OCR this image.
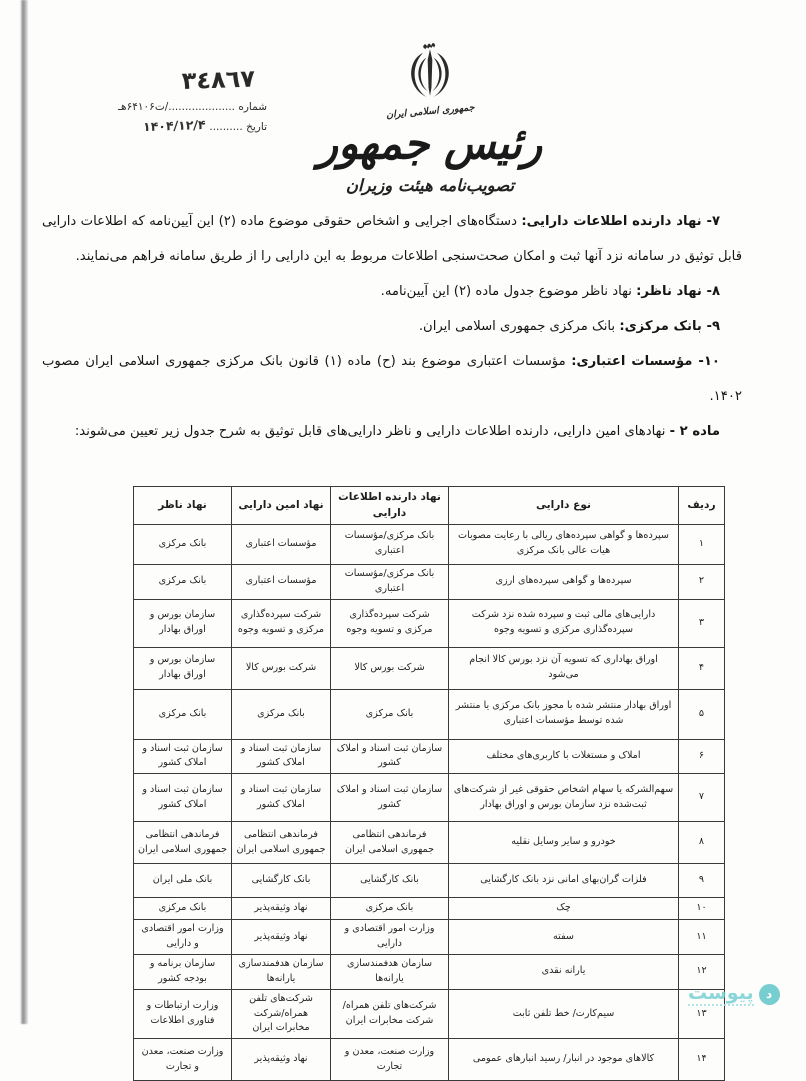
جمهوری اسلامی ایران
رئیس جمهور
تصویب‌نامه هیئت وزیران
٣٤٨٦٧
شماره ..................../ت۶۴۱۰۶هـ
تاریخ .......... ۱۴۰۴/۱۲/۴

۷- نهاد دارنده اطلاعات دارایی: دستگاه‌های اجرایی و اشخاص حقوقی موضوع ماده (۲) این آیین‌نامه که اطلاعات دارایی قابل توثیق در سامانه نزد آنها ثبت و امکان صحت‌سنجی اطلاعات مربوط به این دارایی را از طریق سامانه فراهم می‌نمایند.

۸- نهاد ناظر: نهاد ناظر موضوع جدول ماده (۲) این آیین‌نامه.

۹- بانک مرکزی: بانک مرکزی جمهوری اسلامی ایران.

۱۰- مؤسسات اعتباری: مؤسسات اعتباری موضوع بند (ح) ماده (۱) قانون بانک مرکزی جمهوری اسلامی ایران مصوب ۱۴۰۲.

ماده ۲ - نهادهای امین دارایی، دارنده اطلاعات دارایی و ناظر دارایی‌های قابل توثیق به شرح جدول زیر تعیین می‌شوند:

ردیف	نوع دارایی	نهاد دارنده اطلاعات دارایی	نهاد امین دارایی	نهاد ناظر
۱	سپرده‌ها و گواهی سپرده‌های ریالی با رعایت مصوبات هیات عالی بانک مرکزی	بانک مرکزی/مؤسسات اعتباری	مؤسسات اعتباری	بانک مرکزی
۲	سپرده‌ها و گواهی سپرده‌های ارزی	بانک مرکزی/مؤسسات اعتباری	مؤسسات اعتباری	بانک مرکزی
۳	دارایی‌های مالی ثبت و سپرده شده نزد شرکت سپرده‌گذاری مرکزی و تسویه وجوه	شرکت سپرده‌گذاری مرکزی و تسویه وجوه	شرکت سپرده‌گذاری مرکزی و تسویه وجوه	سازمان بورس و اوراق بهادار
۴	اوراق بهاداری که تسویه آن نزد بورس کالا انجام می‌شود	شرکت بورس کالا	شرکت بورس کالا	سازمان بورس و اوراق بهادار
۵	اوراق بهادار منتشر شده با مجوز بانک مرکزی یا منتشر شده توسط مؤسسات اعتباری	بانک مرکزی	بانک مرکزی	بانک مرکزی
۶	املاک و مستغلات با کاربری‌های مختلف	سازمان ثبت اسناد و املاک کشور	سازمان ثبت اسناد و املاک کشور	سازمان ثبت اسناد و املاک کشور
۷	سهم‌الشرکه یا سهام اشخاص حقوقی غیر از شرکت‌های ثبت‌شده نزد سازمان بورس و اوراق بهادار	سازمان ثبت اسناد و املاک کشور	سازمان ثبت اسناد و املاک کشور	سازمان ثبت اسناد و املاک کشور
۸	خودرو و سایر وسایل نقلیه	فرماندهی انتظامی جمهوری اسلامی ایران	فرماندهی انتظامی جمهوری اسلامی ایران	فرماندهی انتظامی جمهوری اسلامی ایران
۹	فلزات گران‌بهای امانی نزد بانک کارگشایی	بانک کارگشایی	بانک کارگشایی	بانک ملی ایران
۱۰	چک	بانک مرکزی	نهاد وثیقه‌پذیر	بانک مرکزی
۱۱	سفته	وزارت امور اقتصادی و دارایی	نهاد وثیقه‌پذیر	وزارت امور اقتصادی و دارایی
۱۲	یارانه نقدی	سازمان هدفمندسازی یارانه‌ها	سازمان هدفمندسازی یارانه‌ها	سازمان برنامه و بودجه کشور
۱۳	سیم‌کارت/ خط تلفن ثابت	شرکت‌های تلفن همراه/شرکت مخابرات ایران	شرکت‌های تلفن همراه/شرکت مخابرات ایران	وزارت ارتباطات و فناوری اطلاعات
۱۴	کالاهای موجود در انبار/ رسید انبارهای عمومی	وزارت صنعت، معدن و تجارت	نهاد وثیقه‌پذیر	وزارت صنعت، معدن و تجارت
د
پیوست
